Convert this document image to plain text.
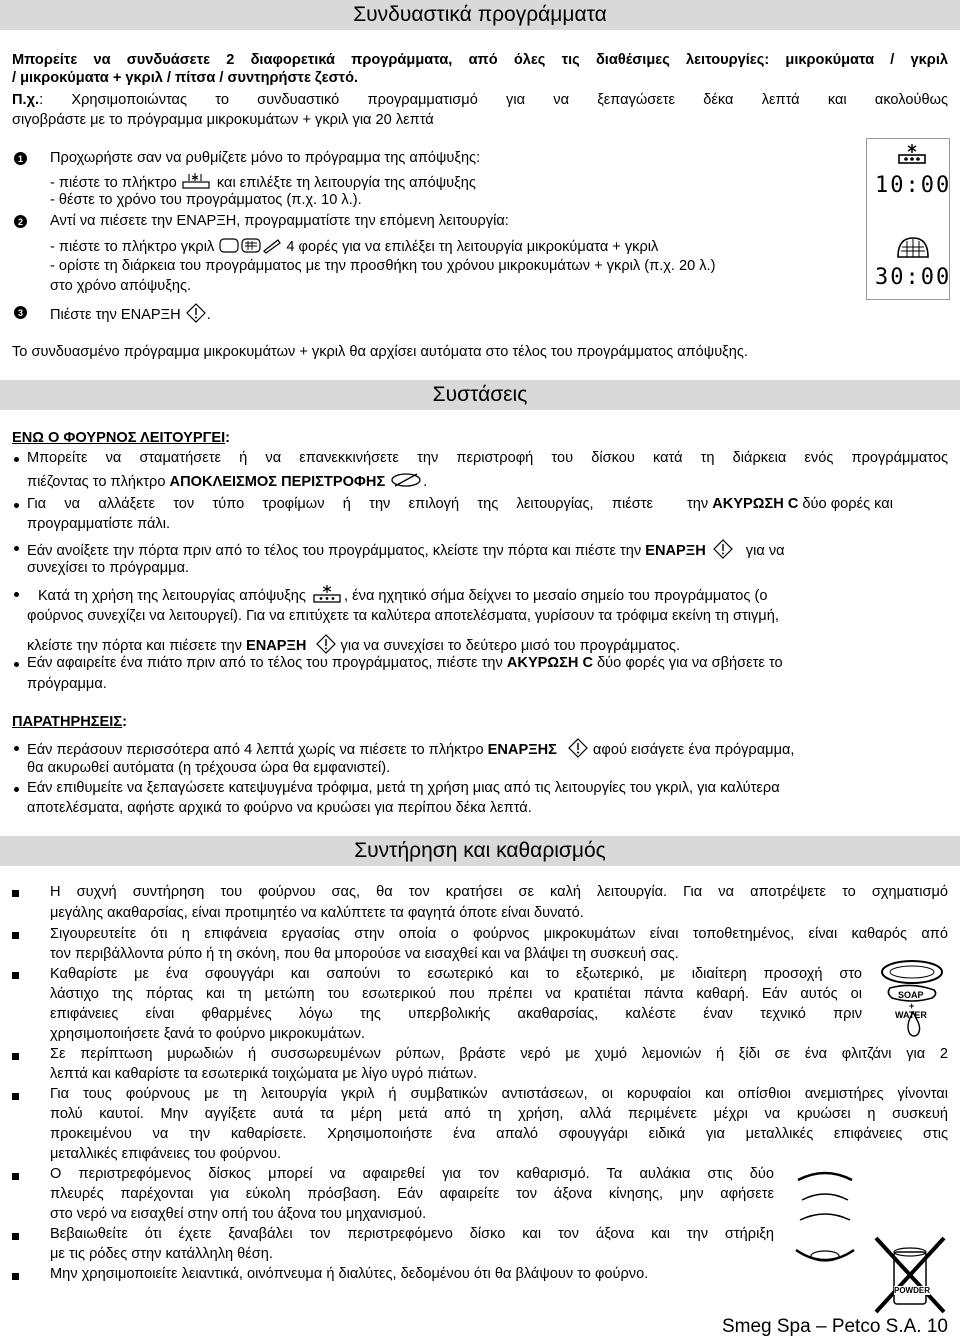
Συνδυαστικά προγράμματα
Μπορείτε να συνδυάσετε 2 διαφορετικά προγράμματα, από όλες τις διαθέσιμες λειτουργίες: μικροκύματα / γκριλ
/ μικροκύματα + γκριλ / πίτσα / συντηρήστε ζεστό.
Π.χ.: Χρησιμοποιώντας το συνδυαστικό προγραμματισμό για να ξεπαγώσετε δέκα λεπτά και ακολούθως
σιγοβράστε με το πρόγραμμα μικροκυμάτων + γκριλ για 20 λεπτά
1 Προχωρήστε σαν να ρυθμίζετε μόνο το πρόγραμμα της απόψυξης:
- πιέστε το πλήκτρο	και επιλέξτε τη λειτουργία της απόψυξης
- θέστε το χρόνο του προγράμματος (π.χ. 10 λ.).
2 Αντί να πιέσετε την ΕΝΑΡΞΗ, προγραμματίστε την επόμενη λειτουργία:
- πιέστε το πλήκτρο γκριλ	4 φορές για να επιλέξει τη λειτουργία μικροκύματα + γκριλ
- ορίστε τη διάρκεια του προγράμματος με την προσθήκη του χρόνου μικροκυμάτων + γκριλ (π.χ. 20 λ.)
στο χρόνο απόψυξης.
3 Πιέστε την ΕΝΑΡΞΗ .
10:00
30:00
Το συνδυασμένο πρόγραμμα μικροκυμάτων + γκριλ θα αρχίσει αυτόματα στο τέλος του προγράμματος απόψυξης.
Συστάσεις
ΕΝΩ Ο ΦΟΥΡΝΟΣ ΛΕΙΤΟΥΡΓΕΙ:
Μπορείτε να σταματήσετε ή να επανεκκινήσετε την περιστροφή του δίσκου κατά τη διάρκεια ενός προγράμματος
πιέζοντας το πλήκτρο ΑΠΟΚΛΕΙΣΜΟΣ ΠΕΡΙΣΤΡΟΦΗΣ	.
Για να αλλάξετε τον τύπο τροφίμων ή την επιλογή της λειτουργίας, πιέστε την ΑΚΥΡΩΣΗ C δύο φορές και
προγραμματίστε πάλι.
Εάν ανοίξετε την πόρτα πριν από το τέλος του προγράμματος, κλείστε την πόρτα και πιέστε την ΕΝΑΡΞΗ	για να
συνεχίσει το πρόγραμμα.
Κατά τη χρήση της λειτουργίας απόψυξης	, ένα ηχητικό σήμα δείχνει το μεσαίο σημείο του προγράμματος (ο
φούρνος συνεχίζει να λειτουργεί). Για να επιτύχετε τα καλύτερα αποτελέσματα, γυρίσουν τα τρόφιμα εκείνη τη στιγμή,
κλείστε την πόρτα και πιέσετε την ΕΝΑΡΞΗ για να συνεχίσει το δεύτερο μισό του προγράμματος.
Εάν αφαιρείτε ένα πιάτο πριν από το τέλος του προγράμματος, πιέστε την ΑΚΥΡΩΣΗ C δύο φορές για να σβήσετε το
πρόγραμμα.
ΠΑΡΑΤΗΡΗΣΕΙΣ:
Εάν περάσουν περισσότερα από 4 λεπτά χωρίς να πιέσετε το πλήκτρο ΕΝΑΡΞΗΣ αφού εισάγετε ένα πρόγραμμα,
θα ακυρωθεί αυτόματα (η τρέχουσα ώρα θα εμφανιστεί).
Εάν επιθυμείτε να ξεπαγώσετε κατεψυγμένα τρόφιμα, μετά τη χρήση μιας από τις λειτουργίες του γκριλ, για καλύτερα
αποτελέσματα, αφήστε αρχικά το φούρνο να κρυώσει για περίπου δέκα λεπτά.
Συντήρηση και καθαρισμός
Η συχνή συντήρηση του φούρνου σας, θα τον κρατήσει σε καλή λειτουργία. Για να αποτρέψετε το σχηματισμό
μεγάλης ακαθαρσίας, είναι προτιμητέο να καλύπτετε τα φαγητά όποτε είναι δυνατό.
Σιγουρευτείτε ότι η επιφάνεια εργασίας στην οποία ο φούρνος μικροκυμάτων είναι τοποθετημένος, είναι καθαρός από
τον περιβάλλοντα ρύπο ή τη σκόνη, που θα μπορούσε να εισαχθεί και να βλάψει τη συσκευή σας.
Καθαρίστε με ένα σφουγγάρι και σαπούνι το εσωτερικό και το εξωτερικό, με ιδιαίτερη προσοχή στο
λάστιχο της πόρτας και τη μετώπη του εσωτερικού που πρέπει να κρατιέται πάντα καθαρή. Εάν αυτός οι
επιφάνειες είναι φθαρμένες λόγω της υπερβολικής ακαθαρσίας, καλέστε έναν τεχνικό πριν
χρησιμοποιήσετε ξανά το φούρνο μικροκυμάτων.
SOAP
+
WATER
Σε περίπτωση μυρωδιών ή συσσωρευμένων ρύπων, βράστε νερό με χυμό λεμονιών ή ξίδι σε ένα φλιτζάνι για 2
λεπτά και καθαρίστε τα εσωτερικά τοιχώματα με λίγο υγρό πιάτων.
Για τους φούρνους με τη λειτουργία γκριλ ή συμβατικών αντιστάσεων, οι κορυφαίοι και οπίσθιοι ανεμιστήρες γίνονται
πολύ καυτοί. Μην αγγίξετε αυτά τα μέρη μετά από τη χρήση, αλλά περιμένετε μέχρι να κρυώσει η συσκευή
προκειμένου να την καθαρίσετε. Χρησιμοποιήστε ένα απαλό σφουγγάρι ειδικά για μεταλλικές επιφάνειες στις
μεταλλικές επιφάνειες του φούρνου.
Ο περιστρεφόμενος δίσκος μπορεί να αφαιρεθεί για τον καθαρισμό. Τα αυλάκια στις δύο
πλευρές παρέχονται για εύκολη πρόσβαση. Εάν αφαιρείτε τον άξονα κίνησης, μην αφήσετε
στο νερό να εισαχθεί στην οπή του άξονα του μηχανισμού.
Βεβαιωθείτε ότι έχετε ξαναβάλει τον περιστρεφόμενο δίσκο και τον άξονα και την στήριξη
με τις ρόδες στην κατάλληλη θέση.
Μην χρησιμοποιείτε λειαντικά, οινόπνευμα ή διαλύτες, δεδομένου ότι θα βλάψουν το φούρνο.
POWDER
Smeg Spa – Petco S.A. 10
